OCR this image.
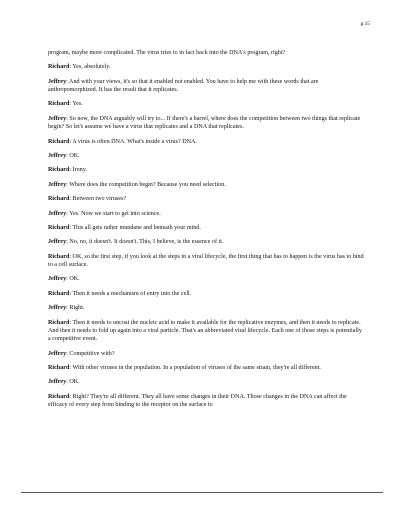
p.15

program, maybe more complicated. The virus tries to in fact hack into the DNA's program, right?

Richard: Yes, absolutely.

Jeffrey: And with your views, it's so that it enabled not enabled. You have to help me with these words that are anthropomorphized. It has the result that it replicates.

Richard: Yes.

Jeffrey: So now, the DNA arguably will try to... If there's a barrel, where does the competition between two things that replicate begin? So let's assume we have a virus that replicates and a DNA that replicates.

Richard: A virus is often DNA. What's inside a virus? DNA.

Jeffrey: OK.

Richard: Irony.

Jeffrey: Where does the competition begin? Because you need selection.

Richard: Between two viruses?

Jeffrey: Yes. Now we start to get into science.

Richard: This all gets rather mundane and beneath your mind.

Jeffrey: No, no, it doesn't. It doesn't. This, I believe, is the essence of it.

Richard: OK, so the first step, if you look at the steps in a viral lifecycle, the first thing that has to happen is the virus has to bind to a cell surface.

Jeffrey: OK.

Richard: Then it needs a mechanism of entry into the cell.

Jeffrey: Right.

Richard: Then it needs to uncoat the nucleic acid to make it available for the replicative enzymes, and then it needs to replicate. And then it needs to fold up again into a viral particle. That's an abbreviated viral lifecycle. Each one of those steps is potentially a competitive event.

Jeffrey: Competitive with?

Richard: With other viruses in the population. In a population of viruses of the same strain, they're all different.

Jeffrey: OK.

Richard: Right? They're all different. They all have some changes in their DNA. Those changes in the DNA can affect the efficacy of every step from binding to the receptor on the surface to
